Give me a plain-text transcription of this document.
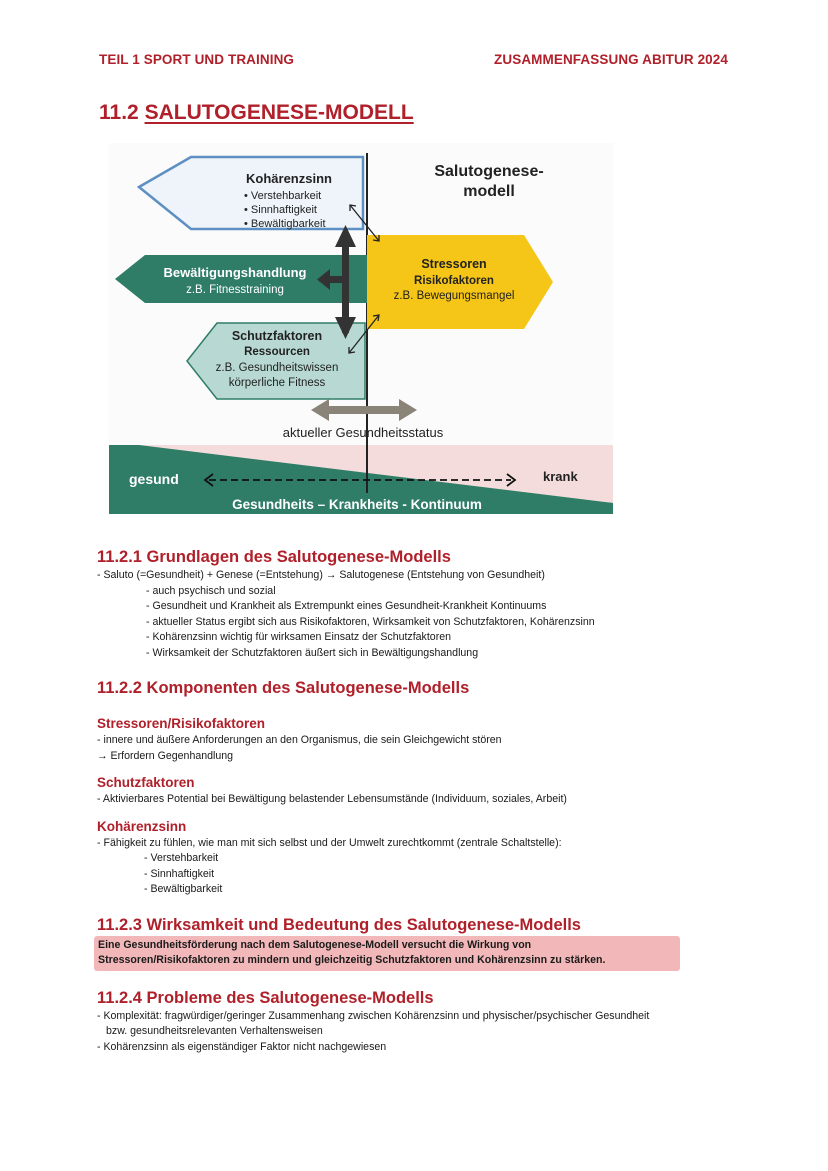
TEIL 1 SPORT UND TRAINING	ZUSAMMENFASSUNG ABITUR 2024
11.2 SALUTOGENESE-MODELL
Kohärenzsinn
• Verstehbarkeit
• Sinnhaftigkeit
• Bewältigbarkeit
Salutogenese-
modell
Bewältigungshandlung
z.B. Fitnesstraining
Stressoren
Risikofaktoren
z.B. Bewegungsmangel
Schutzfaktoren
Ressourcen
z.B. Gesundheitswissen
körperliche Fitness
aktueller Gesundheitsstatus
gesund	krank
Gesundheits – Krankheits - Kontinuum
11.2.1 Grundlagen des Salutogenese-Modells
- Saluto (=Gesundheit) + Genese (=Entstehung) → Salutogenese (Entstehung von Gesundheit)
- auch psychisch und sozial
- Gesundheit und Krankheit als Extrempunkt eines Gesundheit-Krankheit Kontinuums
- aktueller Status ergibt sich aus Risikofaktoren, Wirksamkeit von Schutzfaktoren, Kohärenzsinn
- Kohärenzsinn wichtig für wirksamen Einsatz der Schutzfaktoren
- Wirksamkeit der Schutzfaktoren äußert sich in Bewältigungshandlung
11.2.2 Komponenten des Salutogenese-Modells
Stressoren/Risikofaktoren
- innere und äußere Anforderungen an den Organismus, die sein Gleichgewicht stören
→ Erfordern Gegenhandlung
Schutzfaktoren
- Aktivierbares Potential bei Bewältigung belastender Lebensumstände (Individuum, soziales, Arbeit)
Kohärenzsinn
- Fähigkeit zu fühlen, wie man mit sich selbst und der Umwelt zurechtkommt (zentrale Schaltstelle):
- Verstehbarkeit
- Sinnhaftigkeit
- Bewältigbarkeit
11.2.3 Wirksamkeit und Bedeutung des Salutogenese-Modells
Eine Gesundheitsförderung nach dem Salutogenese-Modell versucht die Wirkung von
Stressoren/Risikofaktoren zu mindern und gleichzeitig Schutzfaktoren und Kohärenzsinn zu stärken.
11.2.4 Probleme des Salutogenese-Modells
- Komplexität: fragwürdiger/geringer Zusammenhang zwischen Kohärenzsinn und physischer/psychischer Gesundheit
bzw. gesundheitsrelevanten Verhaltensweisen
- Kohärenzsinn als eigenständiger Faktor nicht nachgewiesen
